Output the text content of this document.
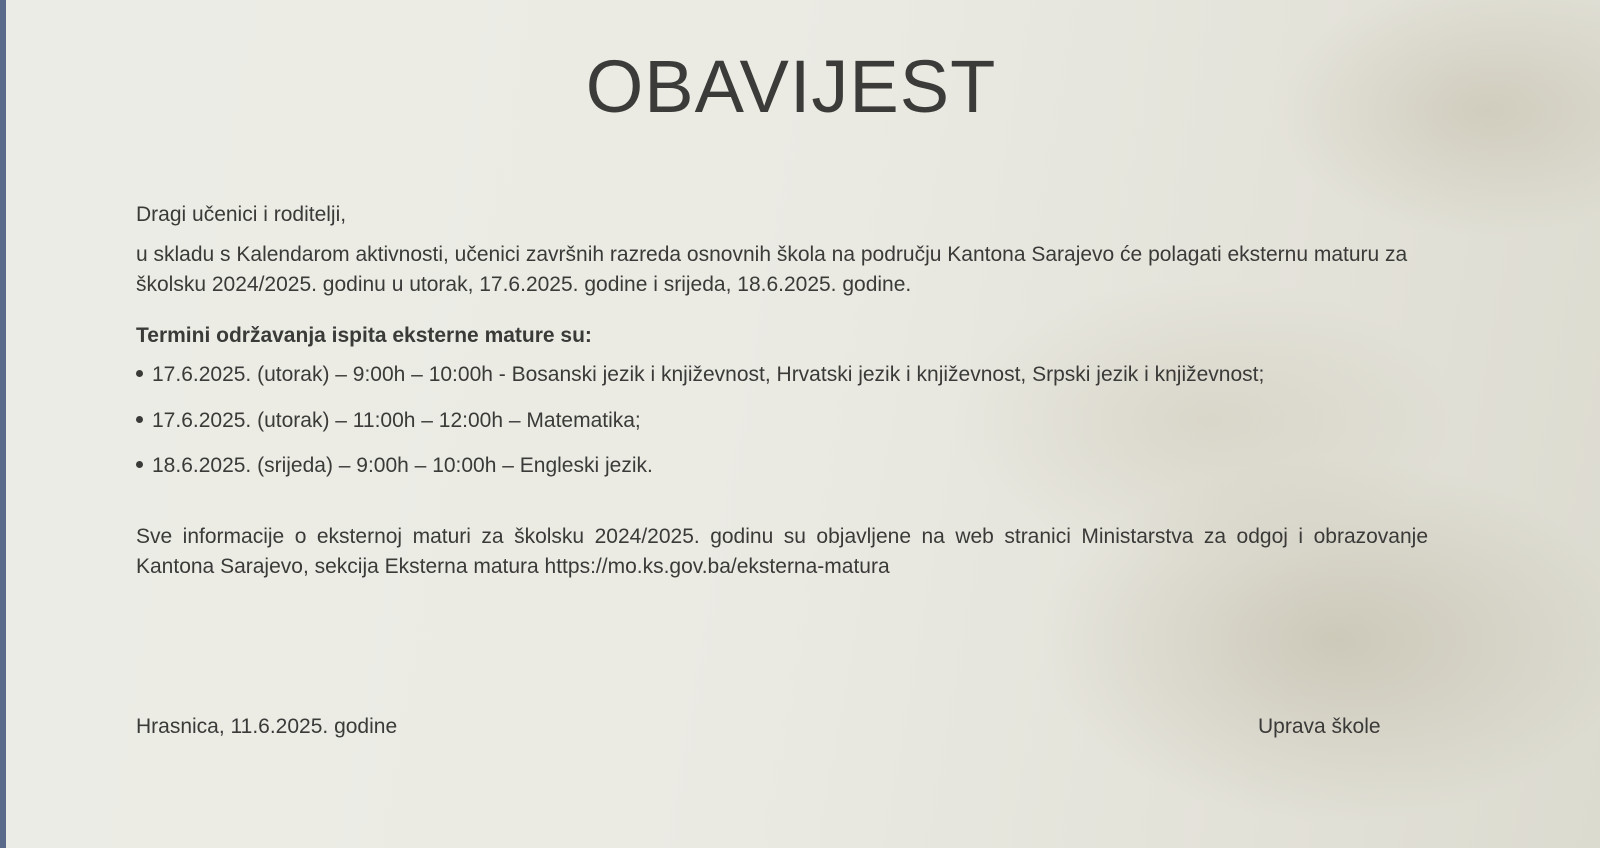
OBAVIJEST

Dragi učenici i roditelji,

u skladu s Kalendarom aktivnosti, učenici završnih razreda osnovnih škola na području Kantona Sarajevo će polagati eksternu maturu za školsku 2024/2025. godinu u utorak, 17.6.2025. godine i srijeda, 18.6.2025. godine.

Termini održavanja ispita eksterne mature su:

17.6.2025. (utorak) – 9:00h – 10:00h - Bosanski jezik i književnost, Hrvatski jezik i književnost, Srpski jezik i književnost;

17.6.2025. (utorak) – 11:00h – 12:00h – Matematika;

18.6.2025. (srijeda) – 9:00h – 10:00h – Engleski jezik.

Sve informacije o eksternoj maturi za školsku 2024/2025. godinu su objavljene na web stranici Ministarstva za odgoj i obrazovanje Kantona Sarajevo, sekcija Eksterna matura https://mo.ks.gov.ba/eksterna-matura

Hrasnica, 11.6.2025. godine	Uprava škole
